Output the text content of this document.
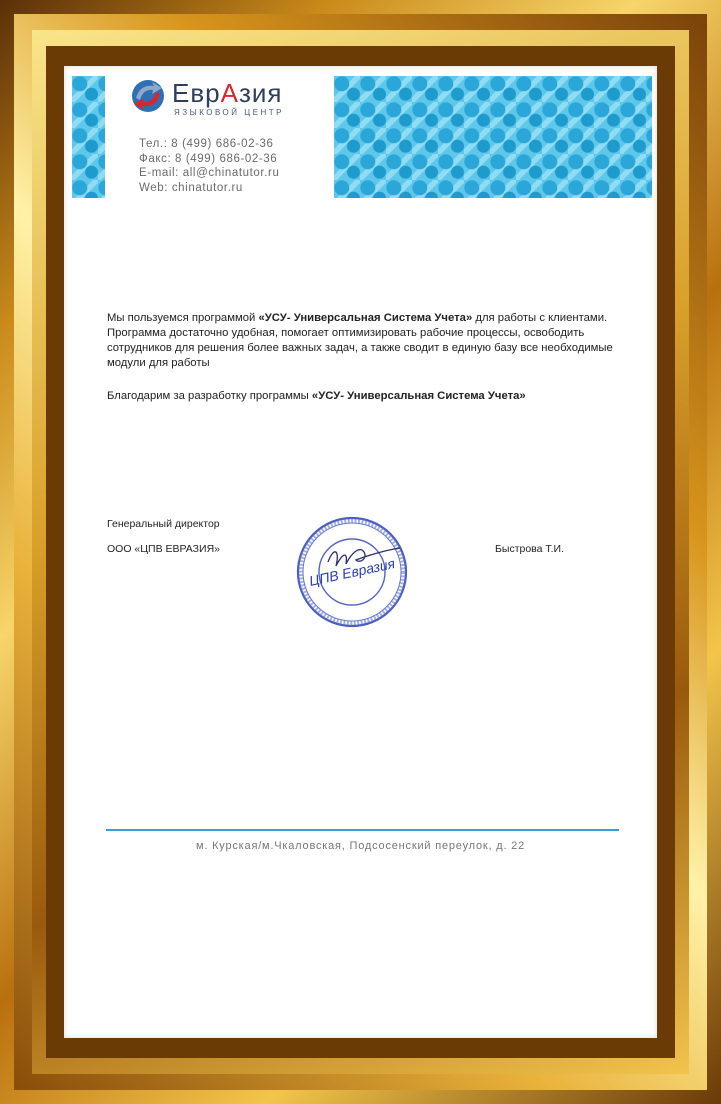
ЕврАзия
ЯЗЫКОВОЙ ЦЕНТР
Тел.: 8 (499) 686-02-36
Факс: 8 (499) 686-02-36
E-mail: all@chinatutor.ru
Web: chinatutor.ru
Мы пользуемся программой «УСУ- Универсальная Система Учета» для работы с клиентами. Программа достаточно удобная, помогает оптимизировать рабочие процессы, освободить сотрудников для решения более важных задач, а также сводит в единую базу все необходимые модули для работы
Благодарим за разработку программы «УСУ- Универсальная Система Учета»
Генеральный директор
ООО «ЦПВ ЕВРАЗИЯ»	Быстрова Т.И.
ЦПВ Евразия
м. Курская/м.Чкаловская, Подсосенский переулок, д. 22
